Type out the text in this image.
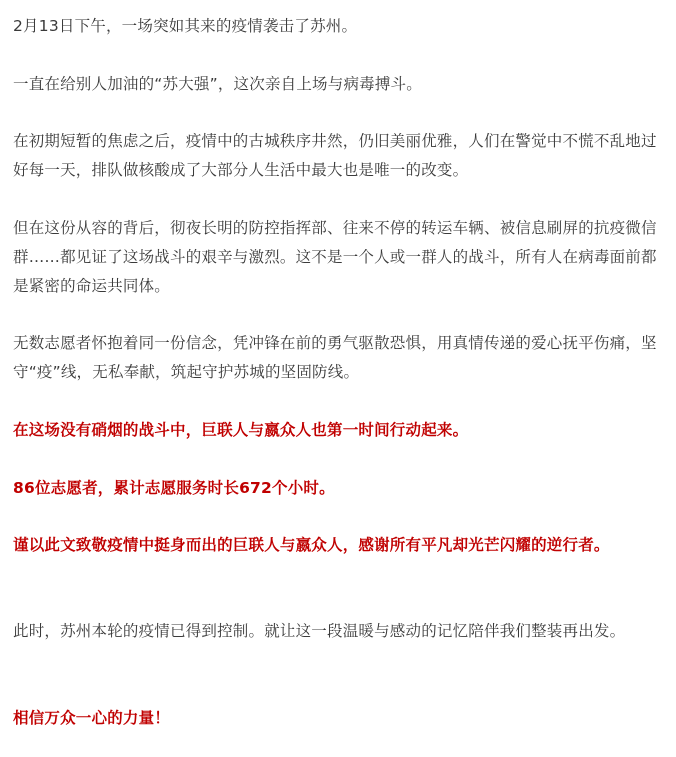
2月13日下午，一场突如其来的疫情袭击了苏州。

一直在给别人加油的“苏大强”，这次亲自上场与病毒搏斗。

在初期短暂的焦虑之后，疫情中的古城秩序井然，仍旧美丽优雅，人们在警觉中不慌不乱地过好每一天，排队做核酸成了大部分人生活中最大也是唯一的改变。

但在这份从容的背后，彻夜长明的防控指挥部、往来不停的转运车辆、被信息刷屏的抗疫微信群……都见证了这场战斗的艰辛与激烈。这不是一个人或一群人的战斗，所有人在病毒面前都是紧密的命运共同体。

无数志愿者怀抱着同一份信念，凭冲锋在前的勇气驱散恐惧，用真情传递的爱心抚平伤痛，坚守“疫”线，无私奉献，筑起守护苏城的坚固防线。

在这场没有硝烟的战斗中，巨联人与嬴众人也第一时间行动起来。

86位志愿者，累计志愿服务时长672个小时。

谨以此文致敬疫情中挺身而出的巨联人与嬴众人，感谢所有平凡却光芒闪耀的逆行者。

此时，苏州本轮的疫情已得到控制。就让这一段温暖与感动的记忆陪伴我们整装再出发。

相信万众一心的力量！
